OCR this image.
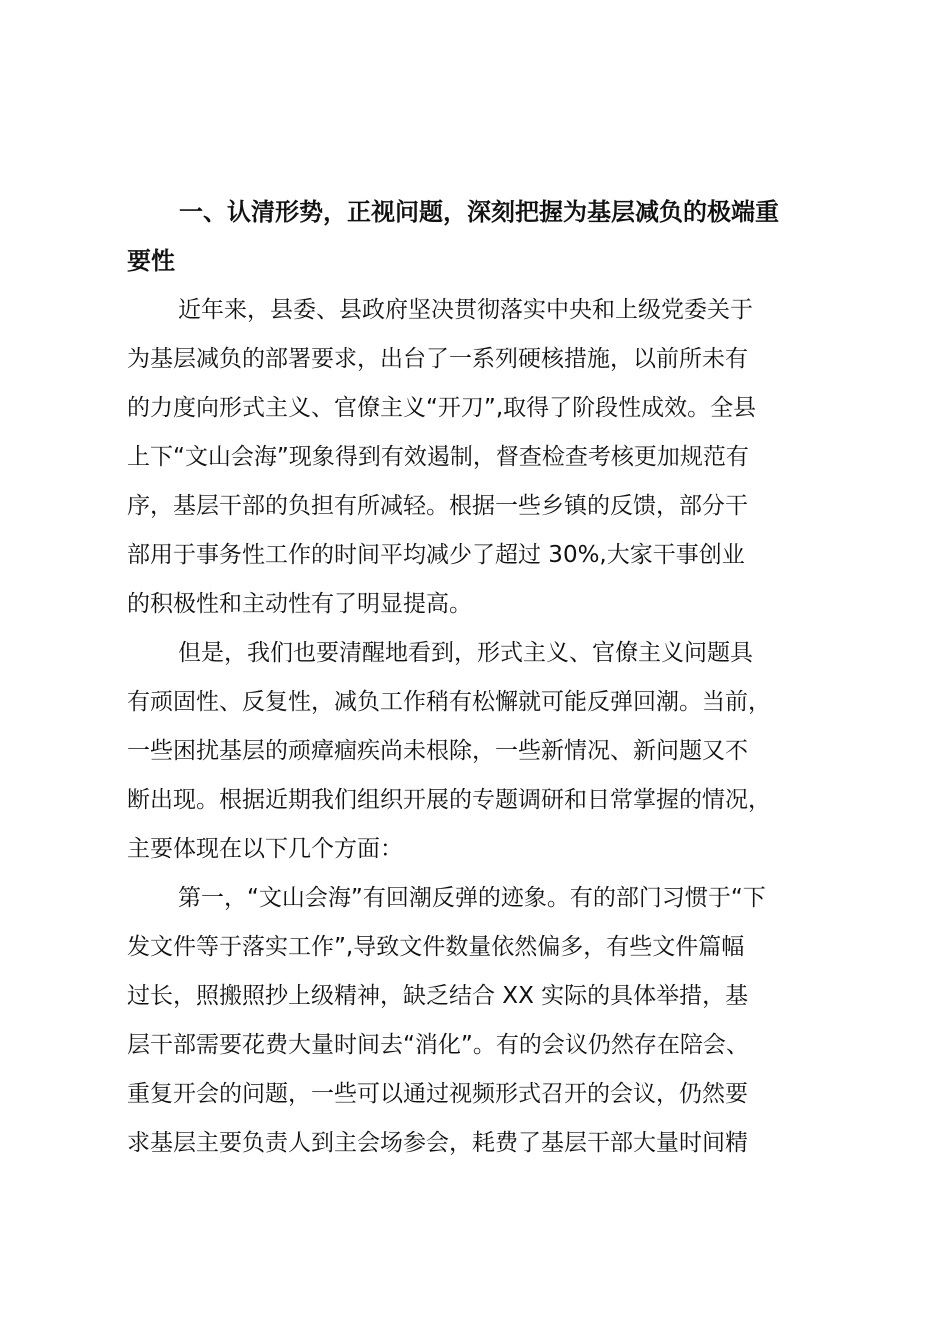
一、认清形势，正视问题，深刻把握为基层减负的极端重
要性

近年来，县委、县政府坚决贯彻落实中央和上级党委关于
为基层减负的部署要求，出台了一系列硬核措施，以前所未有
的力度向形式主义、官僚主义“开刀”,取得了阶段性成效。全县
上下“文山会海”现象得到有效遏制，督查检查考核更加规范有
序，基层干部的负担有所减轻。根据一些乡镇的反馈，部分干
部用于事务性工作的时间平均减少了超过 30%,大家干事创业
的积极性和主动性有了明显提高。

但是，我们也要清醒地看到，形式主义、官僚主义问题具
有顽固性、反复性，减负工作稍有松懈就可能反弹回潮。当前，
一些困扰基层的顽瘴痼疾尚未根除，一些新情况、新问题又不
断出现。根据近期我们组织开展的专题调研和日常掌握的情况，
主要体现在以下几个方面：

第一，“文山会海”有回潮反弹的迹象。有的部门习惯于“下
发文件等于落实工作”,导致文件数量依然偏多，有些文件篇幅
过长，照搬照抄上级精神，缺乏结合 XX 实际的具体举措，基
层干部需要花费大量时间去“消化”。有的会议仍然存在陪会、
重复开会的问题，一些可以通过视频形式召开的会议，仍然要
求基层主要负责人到主会场参会，耗费了基层干部大量时间精
